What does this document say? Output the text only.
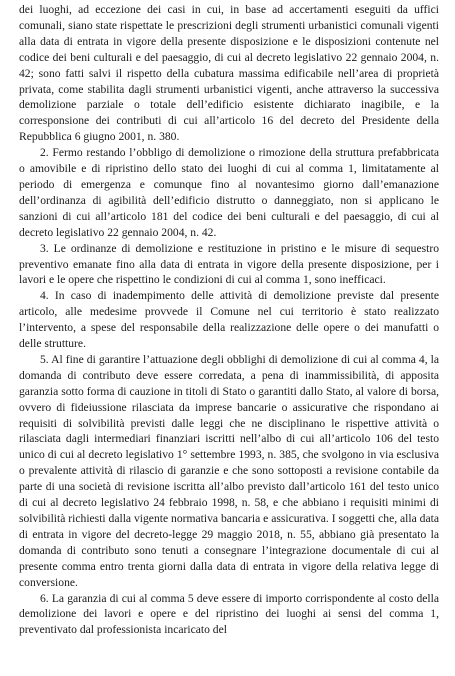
dei luoghi, ad eccezione dei casi in cui, in base ad accertamenti eseguiti da uffici comunali, siano state rispettate le prescrizioni degli strumenti urbanistici comunali vigenti alla data di entrata in vigore della presente disposizione e le disposizioni contenute nel codice dei beni culturali e del paesaggio, di cui al decreto legislativo 22 gennaio 2004, n. 42; sono fatti salvi il rispetto della cubatura massima edificabile nell’area di proprietà privata, come stabilita dagli strumenti urbanistici vigenti, anche attraverso la successiva demolizione parziale o totale dell’edificio esistente dichiarato inagibile, e la corresponsione dei contributi di cui all’articolo 16 del decreto del Presidente della Repubblica 6 giugno 2001, n. 380.

2. Fermo restando l’obbligo di demolizione o rimozione della struttura prefabbricata o amovibile e di ripristino dello stato dei luoghi di cui al comma 1, limitatamente al periodo di emergenza e comunque fino al novantesimo giorno dall’emanazione dell’ordinanza di agibilità dell’edificio distrutto o danneggiato, non si applicano le sanzioni di cui all’articolo 181 del codice dei beni culturali e del paesaggio, di cui al decreto legislativo 22 gennaio 2004, n. 42.

3. Le ordinanze di demolizione e restituzione in pristino e le misure di sequestro preventivo emanate fino alla data di entrata in vigore della presente disposizione, per i lavori e le opere che rispettino le condizioni di cui al comma 1, sono inefficaci.

4. In caso di inadempimento delle attività di demolizione previste dal presente articolo, alle medesime provvede il Comune nel cui territorio è stato realizzato l’intervento, a spese del responsabile della realizzazione delle opere o dei manufatti o delle strutture.

5. Al fine di garantire l’attuazione degli obblighi di demolizione di cui al comma 4, la domanda di contributo deve essere corredata, a pena di inammissibilità, di apposita garanzia sotto forma di cauzione in titoli di Stato o garantiti dallo Stato, al valore di borsa, ovvero di fideiussione rilasciata da imprese bancarie o assicurative che rispondano ai requisiti di solvibilità previsti dalle leggi che ne disciplinano le rispettive attività o rilasciata dagli intermediari finanziari iscritti nell’albo di cui all’articolo 106 del testo unico di cui al decreto legislativo 1° settembre 1993, n. 385, che svolgono in via esclusiva o prevalente attività di rilascio di garanzie e che sono sottoposti a revisione contabile da parte di una società di revisione iscritta all’albo previsto dall’articolo 161 del testo unico di cui al decreto legislativo 24 febbraio 1998, n. 58, e che abbiano i requisiti minimi di solvibilità richiesti dalla vigente normativa bancaria e assicurativa. I soggetti che, alla data di entrata in vigore del decreto-legge 29 maggio 2018, n. 55, abbiano già presentato la domanda di contributo sono tenuti a consegnare l’integrazione documentale di cui al presente comma entro trenta giorni dalla data di entrata in vigore della relativa legge di conversione.

6. La garanzia di cui al comma 5 deve essere di importo corrispondente al costo della demolizione dei lavori e opere e del ripristino dei luoghi ai sensi del comma 1, preventivato dal professionista incaricato del
